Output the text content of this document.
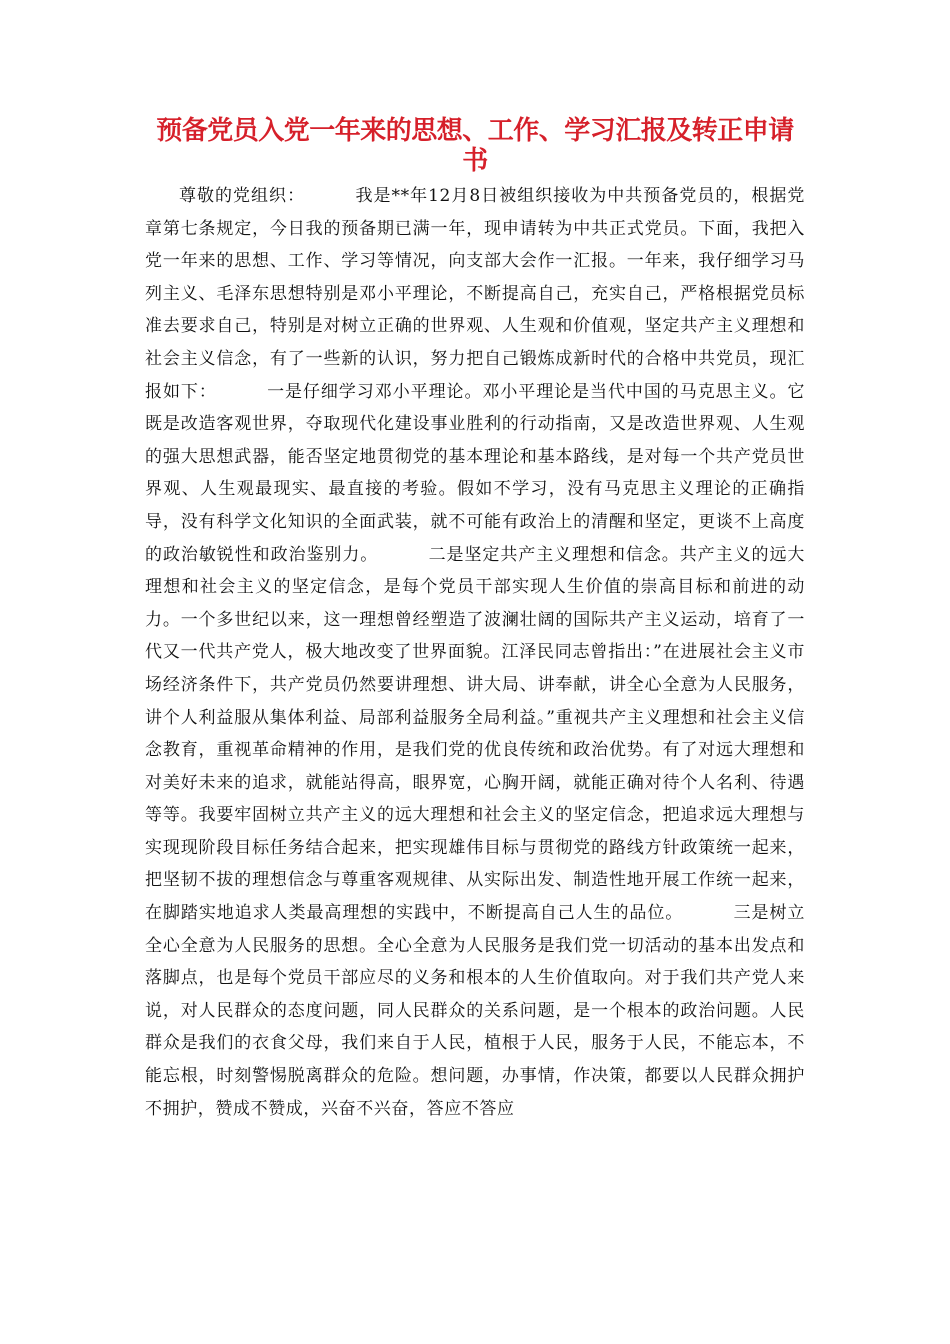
预备党员入党一年来的思想、工作、学习汇报及转正申请书

尊敬的党组织：	我是**年12月8日被组织接收为中共预备党员的，根据党章第七条规定，今日我的预备期已满一年，现申请转为中共正式党员。下面，我把入党一年来的思想、工作、学习等情况，向支部大会作一汇报。一年来，我仔细学习马列主义、毛泽东思想特别是邓小平理论，不断提高自己，充实自己，严格根据党员标准去要求自己，特别是对树立正确的世界观、人生观和价值观，坚定共产主义理想和社会主义信念，有了一些新的认识，努力把自己锻炼成新时代的合格中共党员，现汇报如下：	一是仔细学习邓小平理论。邓小平理论是当代中国的马克思主义。它既是改造客观世界，夺取现代化建设事业胜利的行动指南，又是改造世界观、人生观的强大思想武器，能否坚定地贯彻党的基本理论和基本路线，是对每一个共产党员世界观、人生观最现实、最直接的考验。假如不学习，没有马克思主义理论的正确指导，没有科学文化知识的全面武装，就不可能有政治上的清醒和坚定，更谈不上高度的政治敏锐性和政治鉴别力。	二是坚定共产主义理想和信念。共产主义的远大理想和社会主义的坚定信念，是每个党员干部实现人生价值的崇高目标和前进的动力。一个多世纪以来，这一理想曾经塑造了波澜壮阔的国际共产主义运动，培育了一代又一代共产党人，极大地改变了世界面貌。江泽民同志曾指出：”在进展社会主义市场经济条件下，共产党员仍然要讲理想、讲大局、讲奉献，讲全心全意为人民服务，讲个人利益服从集体利益、局部利益服务全局利益。”重视共产主义理想和社会主义信念教育，重视革命精神的作用，是我们党的优良传统和政治优势。有了对远大理想和对美好未来的追求，就能站得高，眼界宽，心胸开阔，就能正确对待个人名利、待遇等等。我要牢固树立共产主义的远大理想和社会主义的坚定信念，把追求远大理想与实现现阶段目标任务结合起来，把实现雄伟目标与贯彻党的路线方针政策统一起来，把坚韧不拔的理想信念与尊重客观规律、从实际出发、制造性地开展工作统一起来，在脚踏实地追求人类最高理想的实践中，不断提高自己人生的品位。	三是树立全心全意为人民服务的思想。全心全意为人民服务是我们党一切活动的基本出发点和落脚点，也是每个党员干部应尽的义务和根本的人生价值取向。对于我们共产党人来说，对人民群众的态度问题，同人民群众的关系问题，是一个根本的政治问题。人民群众是我们的衣食父母，我们来自于人民，植根于人民，服务于人民，不能忘本，不能忘根，时刻警惕脱离群众的危险。想问题，办事情，作决策，都要以人民群众拥护不拥护，赞成不赞成，兴奋不兴奋，答应不答应
